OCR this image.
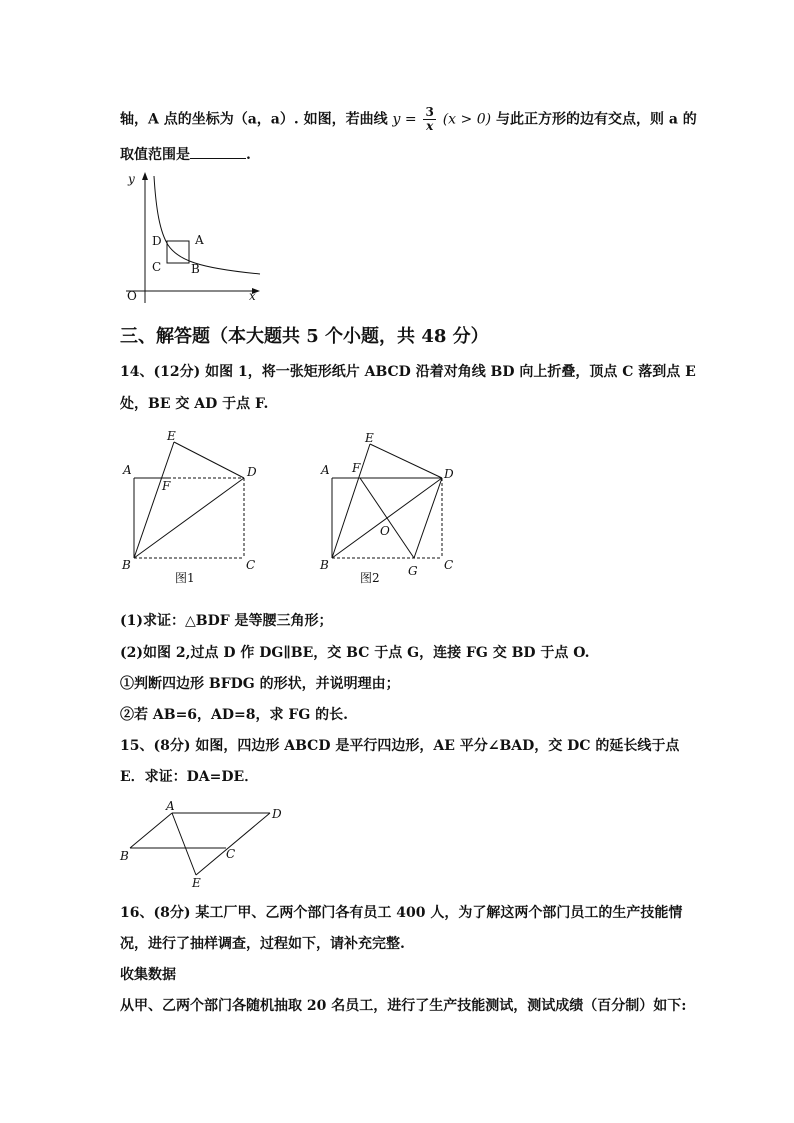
轴，A 点的坐标为（a，a）. 如图，若曲线 $y = \frac{3}{x} (x > 0)$ 与此正方形的边有交点，则 a 的
取值范围是	.
y
x
O
A
B
C
D
三、解答题（本大题共 5 个小题，共 48 分）
14、(12分) 如图 1，将一张矩形纸片 ABCD 沿着对角线 BD 向上折叠，顶点 C 落到点 E
处，BE 交 AD 于点 F.
A
B	C
D
E
F
图1
A
B	C
D
E
F
G
O
图2
(1)求证：△BDF 是等腰三角形；
(2)如图 2,过点 D 作 DG∥BE，交 BC 于点 G，连接 FG 交 BD 于点 O.
①判断四边形 BFDG 的形状，并说明理由；
②若 AB=6，AD=8，求 FG 的长.
15、(8分) 如图，四边形 ABCD 是平行四边形，AE 平分∠BAD，交 DC 的延长线于点
E．求证：DA=DE．
A
B	C
D
E
16、(8分) 某工厂甲、乙两个部门各有员工 400 人，为了解这两个部门员工的生产技能情
况，进行了抽样调查，过程如下，请补充完整.
收集数据
从甲、乙两个部门各随机抽取 20 名员工，进行了生产技能测试，测试成绩（百分制）如下:
